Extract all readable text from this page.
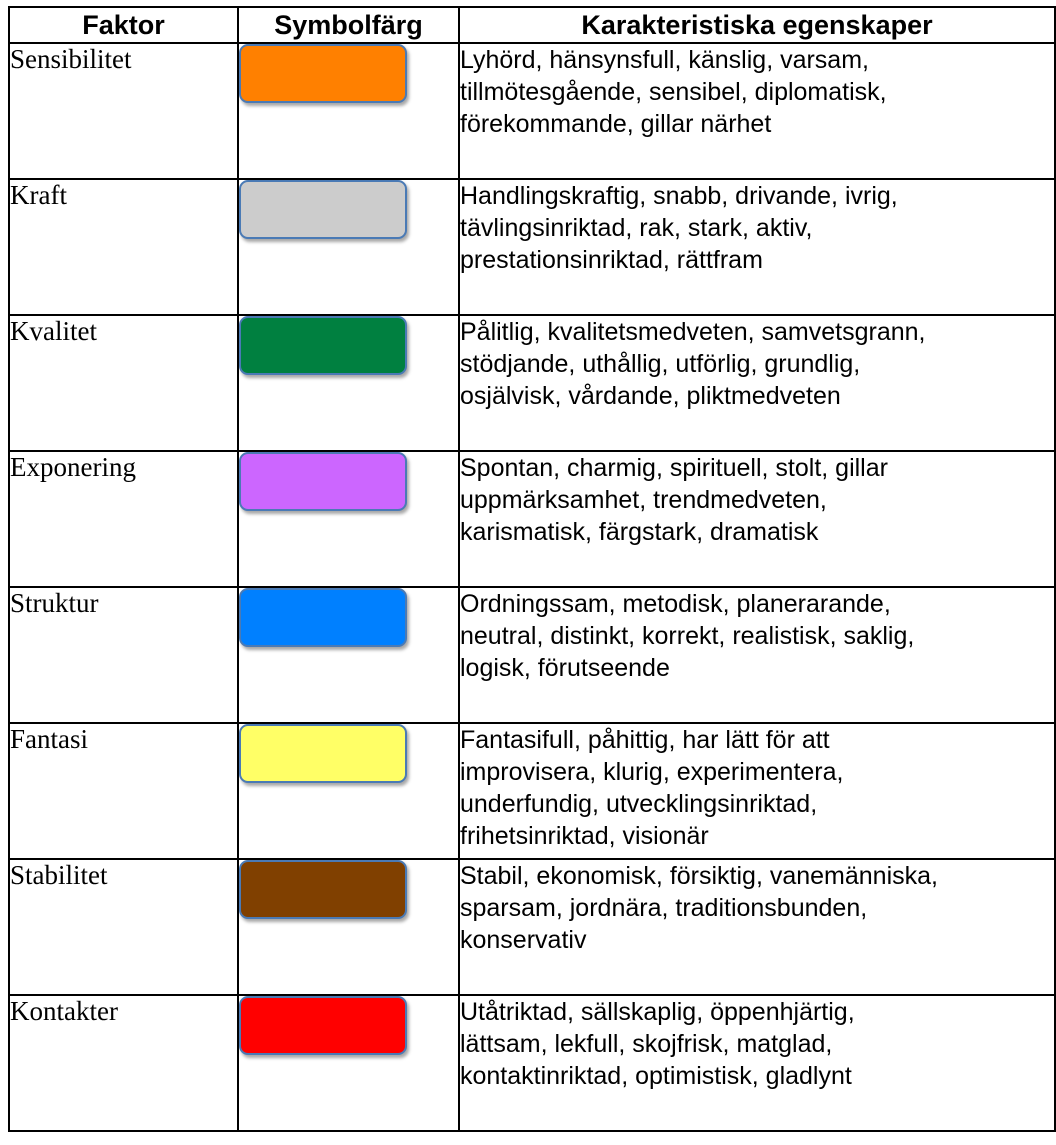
Faktor	Symbolfärg	Karakteristiska egenskaper
Sensibilitet		Lyhörd, hänsynsfull, känslig, varsam,
tillmötesgående, sensibel, diplomatisk,
förekommande, gillar närhet
Kraft		Handlingskraftig, snabb, drivande, ivrig,
tävlingsinriktad, rak, stark, aktiv,
prestationsinriktad, rättfram
Kvalitet		Pålitlig, kvalitetsmedveten, samvetsgrann,
stödjande, uthållig, utförlig, grundlig,
osjälvisk, vårdande, pliktmedveten
Exponering		Spontan, charmig, spirituell, stolt, gillar
uppmärksamhet, trendmedveten,
karismatisk, färgstark, dramatisk
Struktur		Ordningssam, metodisk, planerarande,
neutral, distinkt, korrekt, realistisk, saklig,
logisk, förutseende
Fantasi		Fantasifull, påhittig, har lätt för att
improvisera, klurig, experimentera,
underfundig, utvecklingsinriktad,
frihetsinriktad, visionär
Stabilitet		Stabil, ekonomisk, försiktig, vanemänniska,
sparsam, jordnära, traditionsbunden,
konservativ
Kontakter		Utåtriktad, sällskaplig, öppenhjärtig,
lättsam, lekfull, skojfrisk, matglad,
kontaktinriktad, optimistisk, gladlynt
